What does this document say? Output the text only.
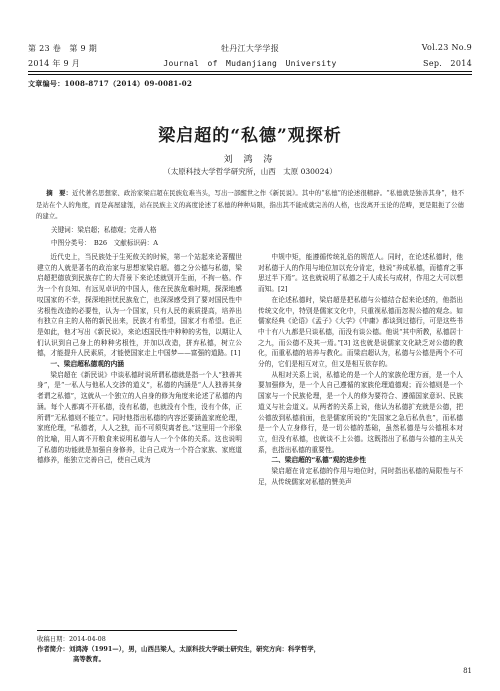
第 23 卷　第 9 期
2014 年 9 月
牡丹江大学学报
Journal　of　Mudanjiang　University
Vol.23 No.9
Sep.　2014
文章编号：1008-8717（2014）09-0081-02
梁启超的“私德”观探析
刘 鸿 涛
（太原科技大学哲学研究所，山西　太原 030024）
摘　要：近代著名思想家、政治家梁启超在民族危难当头，写出一部醒世之作《新民说》。其中的“私德”的论述很精辟。“私德就是独善其身”，他不是站在个人的角度，而是高屋建瓴，站在民族主义的高度论述了私德的种种局限，指出其不能成就完善的人格，也没离开玉论的范畴，更是阻扼了公德的建立。
关键词：梁启超；私德观；完善人格
中图分类号：　B26　文献标识码：A

近代史上，当民族处于生死攸关的时候，第一个站起来论著醒世建立的人就是著名的政治家与思想家梁启超。德之分公德与私德，梁启超把德放到民族存亡的大背景下来论述就别开生面，不拘一格。作为一个有良知、有远见卓识的中国人，他在民族危难时期，探深地感叹国家的不幸，探深地担忧民族危亡，也深深感受到了要对国民性中劣根性改造的必要性，认为一个国家，只有人民的素质提高，培养出有独立自主的人格的新民出来，民族才有希望，国家才有希望。也正是如此，他才写出《新民说》，来论述国民性中种种的劣性，以期让人们认识到自己身上的种种劣根性，并加以改造，拼弃私德，树立公德，才能提升人民素质，才能使国家走上中国梦——富强的道路。[1]

一、梁启超私德观的内涵

梁启超在《新民说》中谈私德时说所谓私德就是指一个人“独善其身”，是“一私人与他私人交涉的道义”，私德的内涵是“人人独善其身者谓之私德”，这就从一个独立的人自身的修为角度来论述了私德的内涵。每个人都离不开私德，没有私德，也就没有个性，没有个体，正所谓“无私德则不能立”。同时他指出私德的内容还要涵盖家庭伦理，家庭伦理，“私德者，人人之独，而不可须臾离者也。”这里用一个形象的比喻，用人离不开粮食来说明私德与人一个个体的关系。这也说明了私德的功能就是加强自身修养，让自己成为一个符合家族、家庭道德修养，能独立完善自己，使自己成为

中规中矩，能遵循传统礼俗的规范人。同时，在论述私德时，他对私德于人的作用与地位加以充分肯定，他说“养成私德，而德育之事思过半下焉”。这也就说明了私德之于人成长与成材，作用之大可以想而知。[2]

在论述私德时，梁启超是把私德与公德结合起来论述的，他指出传统文化中，特别是儒家文化中，只重视私德而忽视公德的观念。如儒家经典《论语》《孟子》《大学》《中庸》都谈到过德行，可是这些书中十有八九都是只谈私德，而没有谈公德。他说“其中所教，私德居十之九，而公德不及其一焉。”[3] 这也就是说儒家文化缺乏对公德的教化，而重私德的培养与教化。而梁启超认为，私德与公德是两个不可分的，它们是相互对立，但又是相互依存的。

从相对关系上说，私德论的是一个人的家族伦理方面，是一个人要加强修为，是一个人自己遵循的家族伦理道德观；而公德则是一个国家与一个民族伦理，是一个人的修为要符合、遵循国家意识、民族道义与社会道义。从两者的关系上说，他认为私德扩充就是公德，把公德放到私德前面，也是儒家所说的“先国家之急后私仇也”，而私德是一个人立身修行，是一切公德的基础，虽然私德是与公德根本对立，但没有私德，也就谈不上公德。这既指出了私德与公德的主从关系，也指出私德的重要性。

二、梁启超的“私德”观的进步性

梁启超在肯定私德的作用与地位时，同时指出私德的局限性与不足，从传统儒家对私德的赞美声

收稿日期：2014-04-08
作者简介：刘鸿涛（1991—），男，山西吕梁人，太原科技大学硕士研究生，研究方向：科学哲学，
高等教育。
81
